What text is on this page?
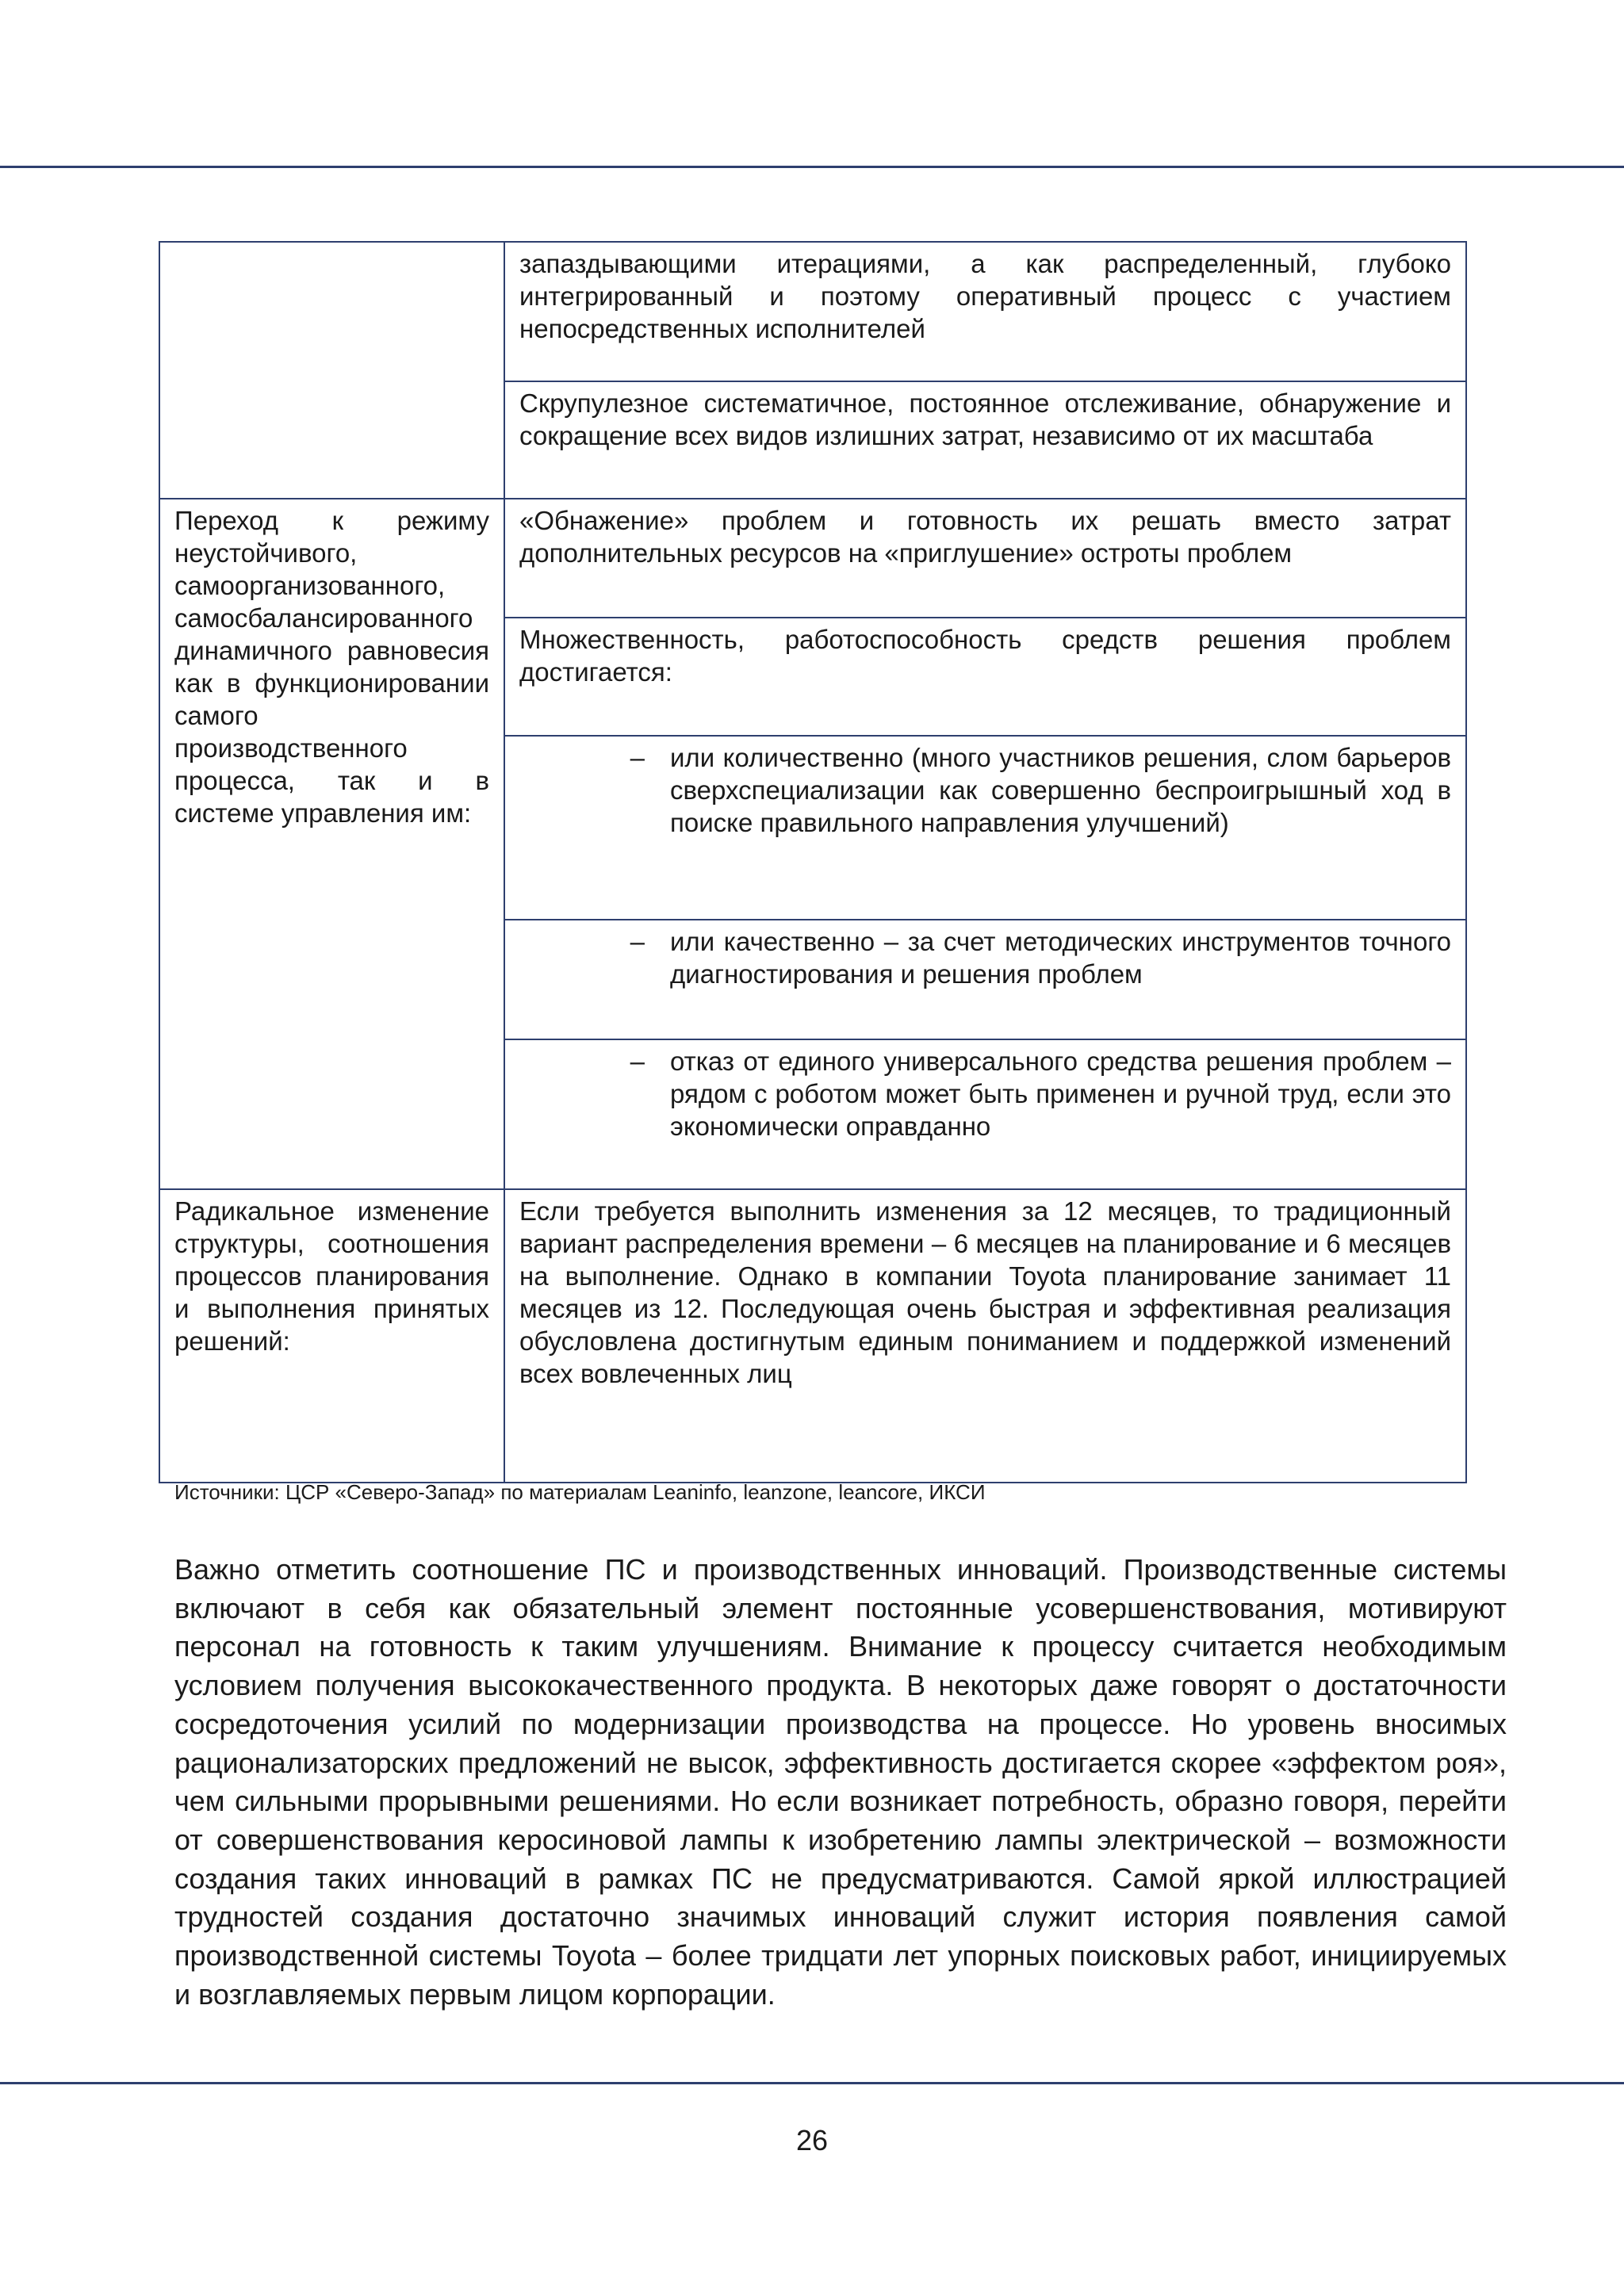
	запаздывающими итерациями, а как распределенный, глубоко интегрированный и поэтому оперативный процесс с участием непосредственных исполнителей
	Скрупулезное систематичное, постоянное отслеживание, обнаружение и сокращение всех видов излишних затрат, независимо от их масштаба

Переход к режиму неустойчивого, самоорганизованного, самосбалансированного динамичного равновесия как в функционировании самого производственного процесса, так и в системе управления им:	«Обнажение» проблем и готовность их решать вместо затрат дополнительных ресурсов на «приглушение» остроты проблем
	Множественность, работоспособность средств решения проблем достигается:

	– или количественно (много участников решения, слом барьеров сверхспециализации как совершенно беспроигрышный ход в поиске правильного направления улучшений)

	– или качественно – за счет методических инструментов точного диагностирования и решения проблем

	– отказ от единого универсального средства решения проблем – рядом с роботом может быть применен и ручной труд, если это экономически оправданно

Радикальное изменение структуры, соотношения процессов планирования и выполнения принятых решений:	Если требуется выполнить изменения за 12 месяцев, то традиционный вариант распределения времени – 6 месяцев на планирование и 6 месяцев на выполнение. Однако в компании Toyota планирование занимает 11 месяцев из 12. Последующая очень быстрая и эффективная реализация обусловлена достигнутым единым пониманием и поддержкой изменений всех вовлеченных лиц
Источники: ЦСР «Северо-Запад» по материалам Leaninfo, leanzone, leancore, ИКСИ

Важно отметить соотношение ПС и производственных инноваций. Производственные системы включают в себя как обязательный элемент постоянные усовершенствования, мотивируют персонал на готовность к таким улучшениям. Внимание к процессу считается необходимым условием получения высококачественного продукта. В некоторых даже говорят о достаточности сосредоточения усилий по модернизации производства на процессе. Но уровень вносимых рационализаторских предложений не высок, эффективность достигается скорее «эффектом роя», чем сильными прорывными решениями. Но если возникает потребность, образно говоря, перейти от совершенствования керосиновой лампы к изобретению лампы электрической – возможности создания таких инноваций в рамках ПС не предусматриваются. Самой яркой иллюстрацией трудностей создания достаточно значимых инноваций служит история появления самой производственной системы Toyota – более тридцати лет упорных поисковых работ, инициируемых и возглавляемых первым лицом корпорации.

26
